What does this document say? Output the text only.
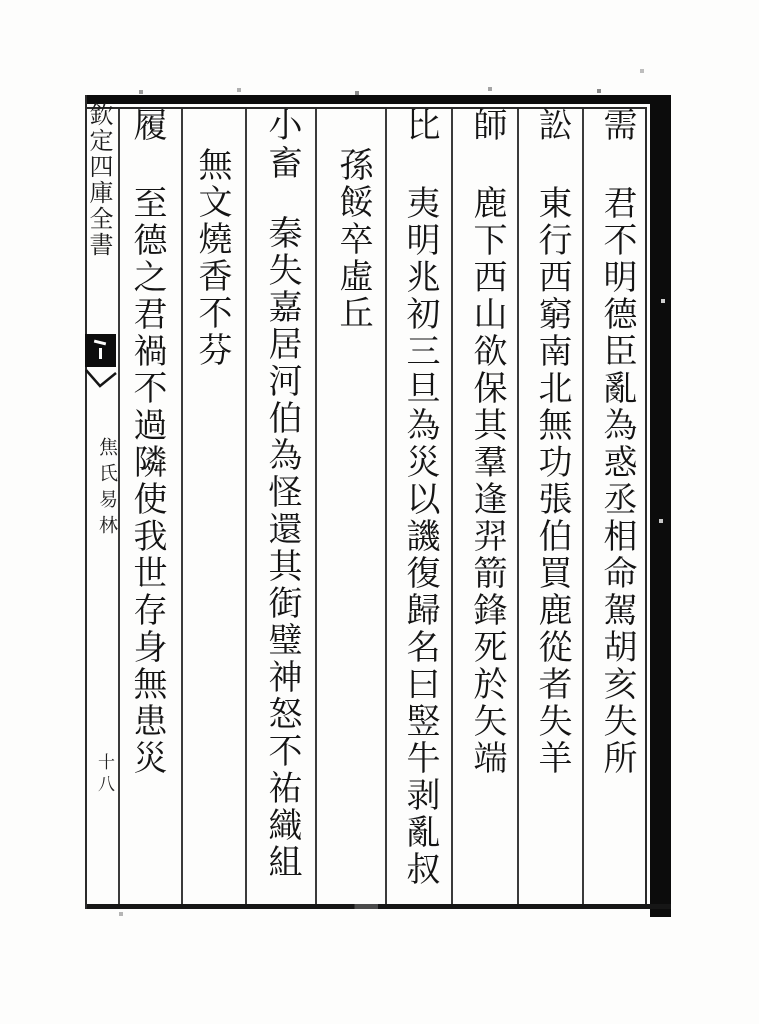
欽定四庫全書
焦氏易林
十八
需
君不明德臣亂為惑丞相命駕胡亥失所
訟
東行西窮南北無功張伯買鹿從者失羊
師
鹿下西山欲保其羣逢羿箭鋒死於矢端
比
夷明兆初三旦為災以譏復歸名曰竪牛剥亂叔
孫餒卒虛丘
小畜
秦失嘉居河伯為怪還其衘璧神怒不祐織組
無文燒香不芬
履
至德之君禍不過隣使我世存身無患災
